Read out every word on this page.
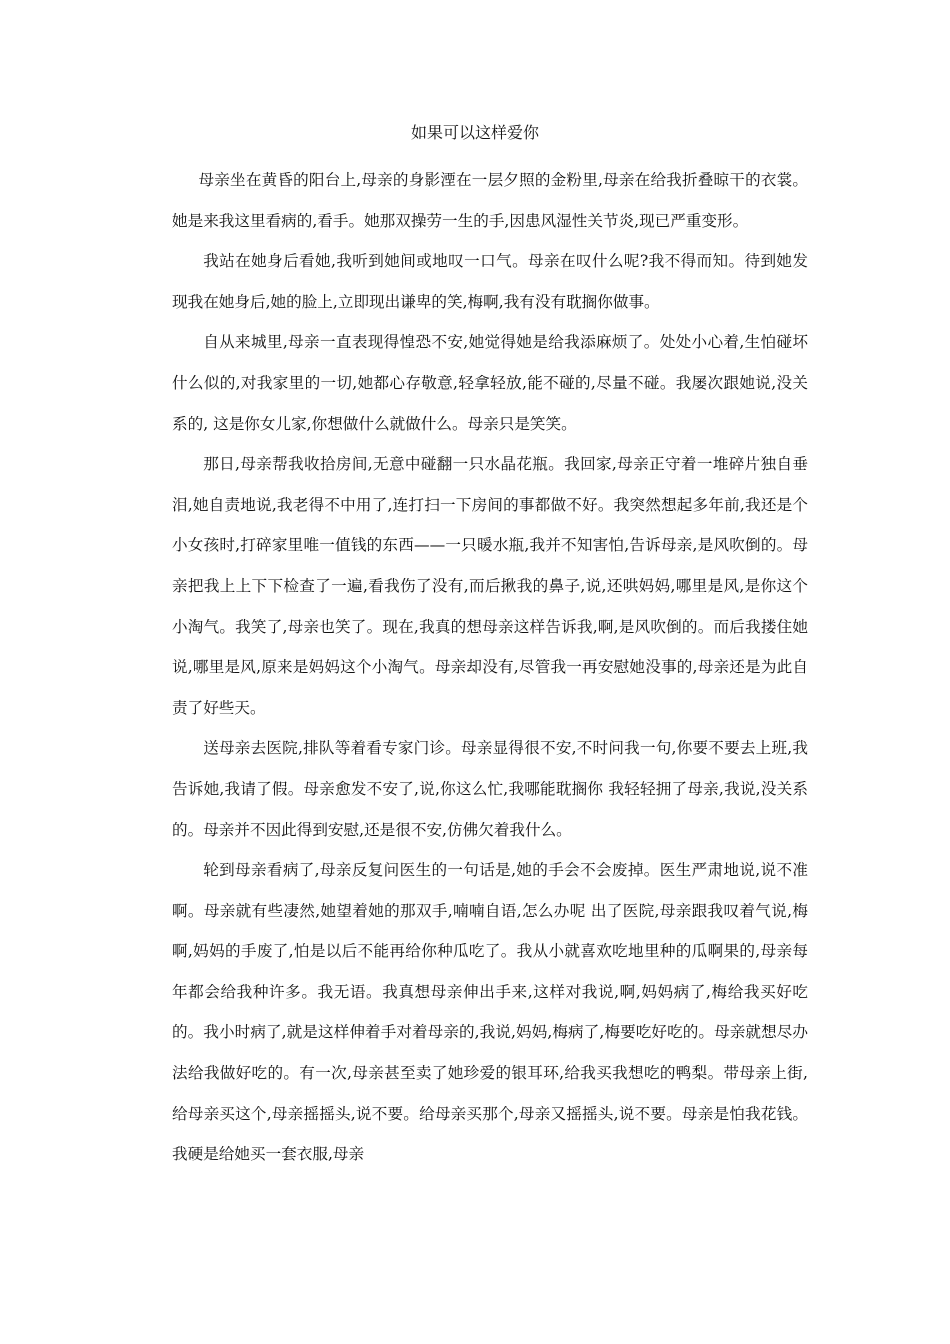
如果可以这样爱你

母亲坐在黄昏的阳台上,母亲的身影湮在一层夕照的金粉里,母亲在给我折叠晾干的衣裳。她是来我这里看病的,看手。她那双操劳一生的手,因患风湿性关节炎,现已严重变形。

我站在她身后看她,我听到她间或地叹一口气。母亲在叹什么呢?我不得而知。待到她发现我在她身后,她的脸上,立即现出谦卑的笑,梅啊,我有没有耽搁你做事。

自从来城里,母亲一直表现得惶恐不安,她觉得她是给我添麻烦了。处处小心着,生怕碰坏什么似的,对我家里的一切,她都心存敬意,轻拿轻放,能不碰的,尽量不碰。我屡次跟她说,没关系的, 这是你女儿家,你想做什么就做什么。母亲只是笑笑。

那日,母亲帮我收拾房间,无意中碰翻一只水晶花瓶。我回家,母亲正守着一堆碎片独自垂泪,她自责地说,我老得不中用了,连打扫一下房间的事都做不好。我突然想起多年前,我还是个小女孩时,打碎家里唯一值钱的东西——一只暖水瓶,我并不知害怕,告诉母亲,是风吹倒的。母亲把我上上下下检查了一遍,看我伤了没有,而后揪我的鼻子,说,还哄妈妈,哪里是风,是你这个小淘气。我笑了,母亲也笑了。现在,我真的想母亲这样告诉我,啊,是风吹倒的。而后我搂住她说,哪里是风,原来是妈妈这个小淘气。母亲却没有,尽管我一再安慰她没事的,母亲还是为此自责了好些天。

送母亲去医院,排队等着看专家门诊。母亲显得很不安,不时问我一句,你要不要去上班,我告诉她,我请了假。母亲愈发不安了,说,你这么忙,我哪能耽搁你 我轻轻拥了母亲,我说,没关系的。母亲并不因此得到安慰,还是很不安,仿佛欠着我什么。

轮到母亲看病了,母亲反复问医生的一句话是,她的手会不会废掉。医生严肃地说,说不准啊。母亲就有些凄然,她望着她的那双手,喃喃自语,怎么办呢 出了医院,母亲跟我叹着气说,梅啊,妈妈的手废了,怕是以后不能再给你种瓜吃了。我从小就喜欢吃地里种的瓜啊果的,母亲每年都会给我种许多。我无语。我真想母亲伸出手来,这样对我说,啊,妈妈病了,梅给我买好吃的。我小时病了,就是这样伸着手对着母亲的,我说,妈妈,梅病了,梅要吃好吃的。母亲就想尽办法给我做好吃的。有一次,母亲甚至卖了她珍爱的银耳环,给我买我想吃的鸭梨。带母亲上街,给母亲买这个,母亲摇摇头,说不要。给母亲买那个,母亲又摇摇头,说不要。母亲是怕我花钱。我硬是给她买一套衣服,母亲
